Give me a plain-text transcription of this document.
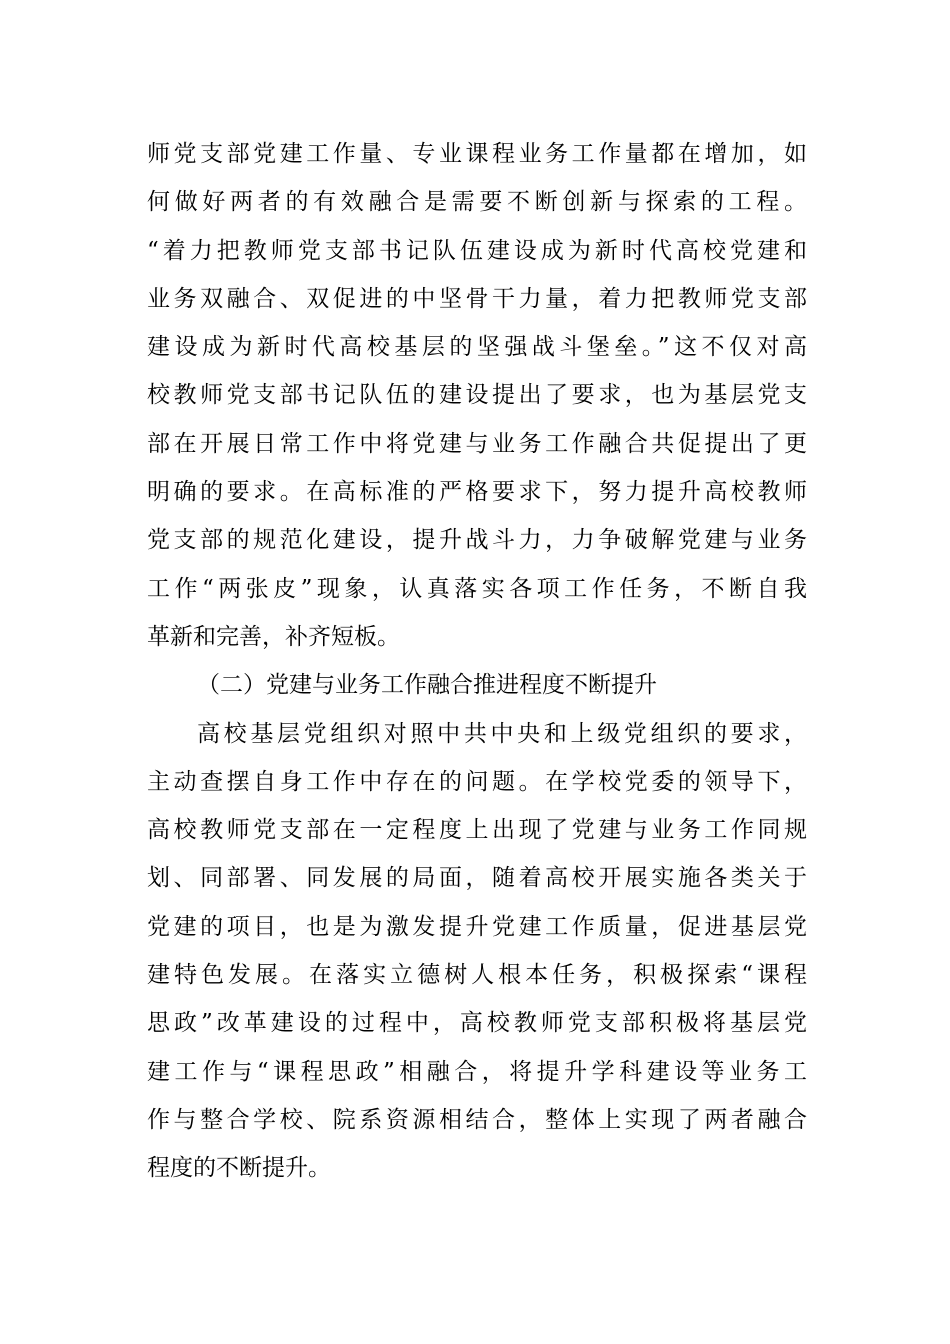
师党支部党建工作量、专业课程业务工作量都在增加，如
何做好两者的有效融合是需要不断创新与探索的工程。
“着力把教师党支部书记队伍建设成为新时代高校党建和
业务双融合、双促进的中坚骨干力量，着力把教师党支部
建设成为新时代高校基层的坚强战斗堡垒。”这不仅对高
校教师党支部书记队伍的建设提出了要求，也为基层党支
部在开展日常工作中将党建与业务工作融合共促提出了更
明确的要求。在高标准的严格要求下，努力提升高校教师
党支部的规范化建设，提升战斗力，力争破解党建与业务
工作“两张皮”现象，认真落实各项工作任务，不断自我
革新和完善，补齐短板。
（二）党建与业务工作融合推进程度不断提升
高校基层党组织对照中共中央和上级党组织的要求，
主动查摆自身工作中存在的问题。在学校党委的领导下，
高校教师党支部在一定程度上出现了党建与业务工作同规
划、同部署、同发展的局面，随着高校开展实施各类关于
党建的项目，也是为激发提升党建工作质量，促进基层党
建特色发展。在落实立德树人根本任务，积极探索“课程
思政”改革建设的过程中，高校教师党支部积极将基层党
建工作与“课程思政”相融合，将提升学科建设等业务工
作与整合学校、院系资源相结合，整体上实现了两者融合
程度的不断提升。
